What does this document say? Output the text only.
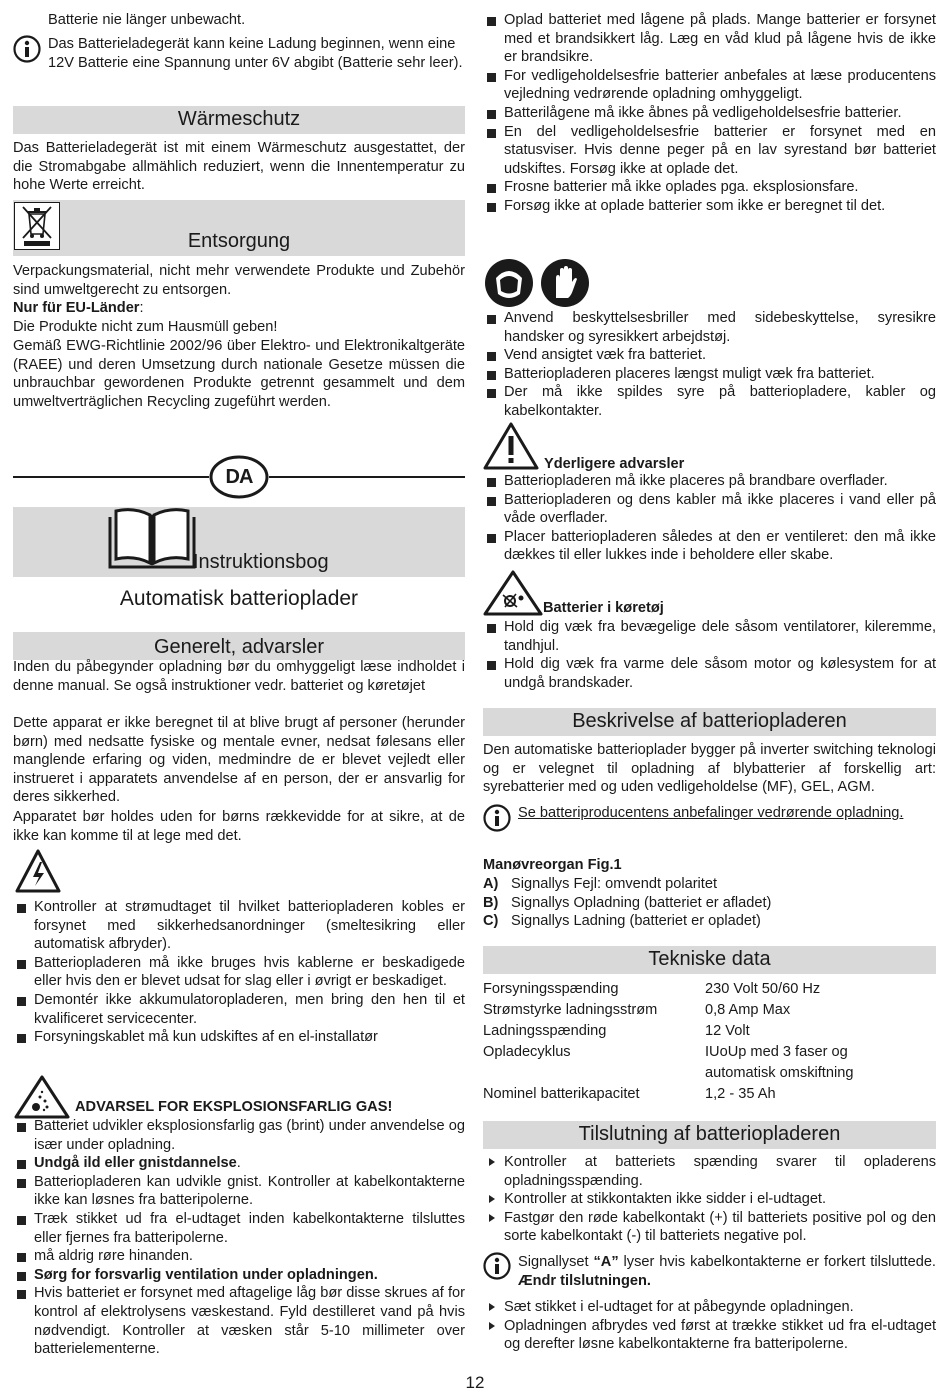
Batterie nie länger unbewacht.

Das Batterieladegerät kann keine Ladung beginnen, wenn eine 12V Batterie eine Spannung unter 6V abgibt (Batterie sehr leer).

Wärmeschutz

Das Batterieladegerät ist mit einem Wärmeschutz ausgestattet, der die Stromabgabe allmählich reduziert, wenn die Innentemperatur zu hohe Werte erreicht.

Entsorgung

Verpackungsmaterial, nicht mehr verwendete Produkte und Zubehör sind umweltgerecht zu entsorgen.

Nur für EU-Länder:

Die Produkte nicht zum Hausmüll geben!

Gemäß EWG-Richtlinie 2002/96 über Elektro- und Elektronikaltgeräte (RAEE) und deren Umsetzung durch nationale Gesetze müssen die unbrauchbar gewordenen Produkte getrennt gesammelt und dem umweltverträglichen Recycling zugeführt werden.

DA
Instruktionsbog
Automatisk batterioplader
Generelt, advarsler

Inden du påbegynder opladning bør du omhyggeligt læse indholdet i denne manual. Se også instruktioner vedr. batteriet og køretøjet

Dette apparat er ikke beregnet til at blive brugt af personer (herunder børn) med nedsatte fysiske og mentale evner, nedsat følesans eller manglende erfaring og viden, medmindre de er blevet vejledt eller instrueret i apparatets anvendelse af en person, der er ansvarlig for deres sikkerhed.

Apparatet bør holdes uden for børns rækkevidde for at sikre, at de ikke kan komme til at lege med det.

Kontroller at strømudtaget til hvilket batteriopladeren kobles er forsynet med sikkerhedsanordninger (smeltesikring eller automatisk afbryder).
Batteriopladeren må ikke bruges hvis kablerne er beskadigede eller hvis den er blevet udsat for slag eller i øvrigt er beskadiget.
Demontér ikke akkumulatoropladeren, men bring den hen til et kvalificeret servicecenter.
Forsyningskablet må kun udskiftes af en el-installatør

ADVARSEL FOR EKSPLOSIONSFARLIG GAS!

Batteriet udvikler eksplosionsfarlig gas (brint) under anvendelse og især under opladning.
Undgå ild eller gnistdannelse.
Batteriopladeren kan udvikle gnist. Kontroller at kabelkontakterne ikke kan løsnes fra batteripolerne.
Træk stikket ud fra el-udtaget inden kabelkontakterne tilsluttes eller fjernes fra batteripolerne.
må aldrig røre hinanden.
Sørg for forsvarlig ventilation under opladningen.
Hvis batteriet er forsynet med aftagelige låg bør disse skrues af for kontrol af elektrolysens væskestand. Fyld destilleret vand på hvis nødvendigt. Kontroller at væsken står 5-10 millimeter over batterielementerne.
Oplad batteriet med lågene på plads. Mange batterier er forsynet med et brandsikkert låg. Læg en våd klud på lågene hvis de ikke er brandsikre.
For vedligeholdelsesfrie batterier anbefales at læse producentens vejledning vedrørende opladning omhyggeligt.
Batterilågene må ikke åbnes på vedligeholdelsesfrie batterier.
En del vedligeholdelsesfrie batterier er forsynet med en statusviser. Hvis denne peger på en lav syrestand bør batteriet udskiftes. Forsøg ikke at oplade det.
Frosne batterier må ikke oplades pga. eksplosionsfare.
Forsøg ikke at oplade batterier som ikke er beregnet til det.
Anvend beskyttelsesbriller med sidebeskyttelse, syresikre handsker og syresikkert arbejdstøj.
Vend ansigtet væk fra batteriet.
Batteriopladeren placeres længst muligt væk fra batteriet.
Der må ikke spildes syre på batteriopladere, kabler og kabelkontakter.

Yderligere advarsler

Batteriopladeren må ikke placeres på brandbare overflader.
Batteriopladeren og dens kabler må ikke placeres i vand eller på våde overflader.
Placer batteriopladeren således at den er ventileret: den må ikke dækkes til eller lukkes inde i beholdere eller skabe.

Batterier i køretøj

Hold dig væk fra bevægelige dele såsom ventilatorer, kileremme, tandhjul.
Hold dig væk fra varme dele såsom motor og kølesystem for at undgå brandskader.
Beskrivelse af batteriopladeren

Den automatiske batterioplader bygger på inverter switching teknologi og er velegnet til opladning af blybatterier af forskellig art: syrebatterier med og uden vedligeholdelse (MF), GEL, AGM.

Se batteriproducentens anbefalinger vedrørende opladning.

Manøvreorgan Fig.1

A) Signallys Fejl: omvendt polaritet
B) Signallys Opladning (batteriet er afladet)
C) Signallys Ladning (batteriet er opladet)
Tekniske data
Forsyningsspænding	230 Volt 50/60 Hz
Strømstyrke ladningsstrøm	0,8 Amp Max
Ladningsspænding	12 Volt
Opladecyklus	IUoUp med 3 faser og automatisk omskiftning
Nominel batterikapacitet	1,2 - 35 Ah
Tilslutning af batteriopladeren
Kontroller at batteriets spænding svarer til opladerens opladningsspænding.
Kontroller at stikkontakten ikke sidder i el-udtaget.
Fastgør den røde kabelkontakt (+) til batteriets positive pol og den sorte kabelkontakt (-) til batteriets negative pol.

Signallyset “A” lyser hvis kabelkontakterne er forkert tilsluttede. Ændr tilslutningen.

Sæt stikket i el-udtaget for at påbegynde opladningen.
Opladningen afbrydes ved først at trække stikket ud fra el-udtaget og derefter løsne kabelkontakterne fra batteripolerne.
12
